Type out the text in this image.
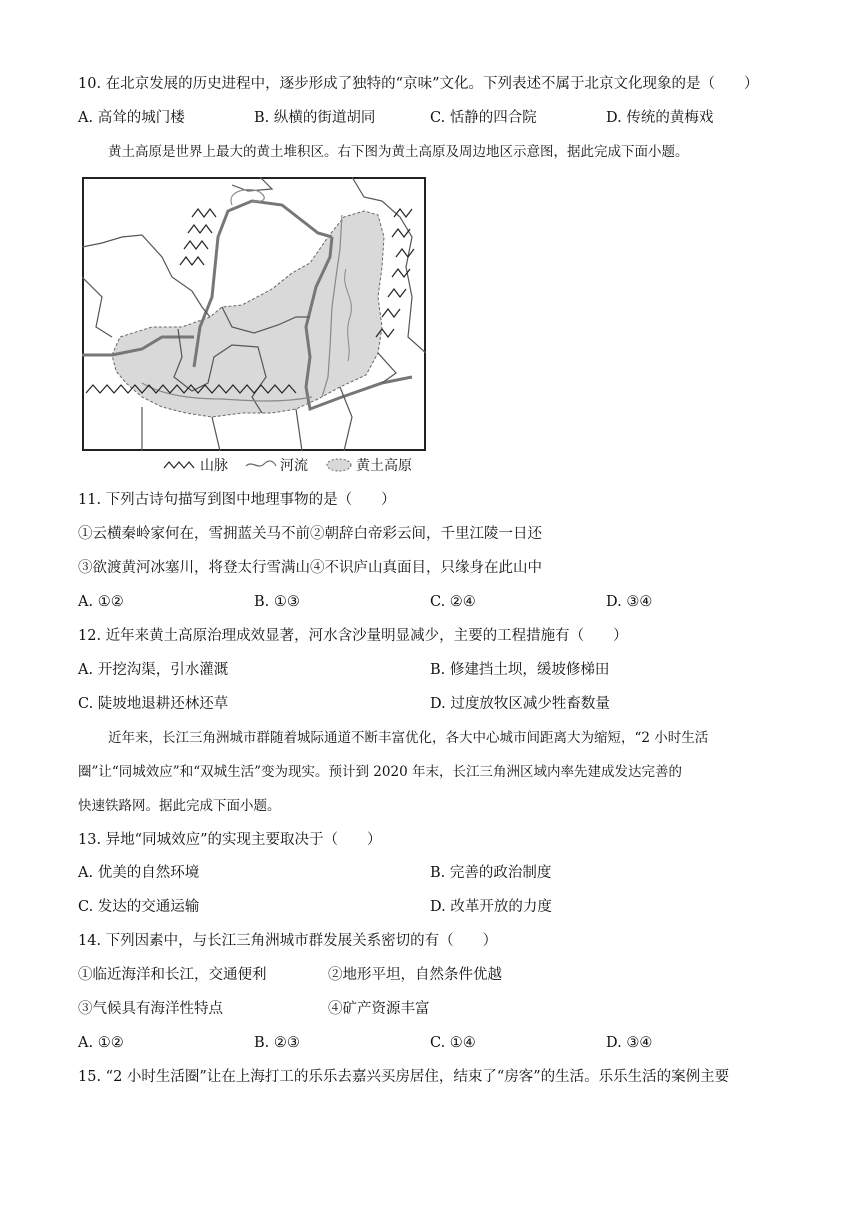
10. 在北京发展的历史进程中，逐步形成了独特的“京味”文化。下列表述不属于北京文化现象的是（　　）
A. 高耸的城门楼	B. 纵横的街道胡同	C. 恬静的四合院	D. 传统的黄梅戏
黄土高原是世界上最大的黄土堆积区。右下图为黄土高原及周边地区示意图，据此完成下面小题。
山脉	河流	黄土高原
11. 下列古诗句描写到图中地理事物的是（　　）
①云横秦岭家何在，雪拥蓝关马不前②朝辞白帝彩云间，千里江陵一日还
③欲渡黄河冰塞川，将登太行雪满山④不识庐山真面目，只缘身在此山中
A. ①②	B. ①③	C. ②④	D. ③④
12. 近年来黄土高原治理成效显著，河水含沙量明显减少，主要的工程措施有（　　）
A. 开挖沟渠，引水灌溉	B. 修建挡土坝，缓坡修梯田
C. 陡坡地退耕还林还草	D. 过度放牧区减少牲畜数量
近年来，长江三角洲城市群随着城际通道不断丰富优化，各大中心城市间距离大为缩短，“2 小时生活
圈”让“同城效应”和“双城生活”变为现实。预计到 2020 年末，长江三角洲区域内率先建成发达完善的
快速铁路网。据此完成下面小题。
13. 异地“同城效应”的实现主要取决于（　　）
A. 优美的自然环境	B. 完善的政治制度
C. 发达的交通运输	D. 改革开放的力度
14. 下列因素中，与长江三角洲城市群发展关系密切的有（　　）
①临近海洋和长江，交通便利	②地形平坦，自然条件优越
③气候具有海洋性特点	④矿产资源丰富
A. ①②	B. ②③	C. ①④	D. ③④
15. “2 小时生活圈”让在上海打工的乐乐去嘉兴买房居住，结束了“房客”的生活。乐乐生活的案例主要
